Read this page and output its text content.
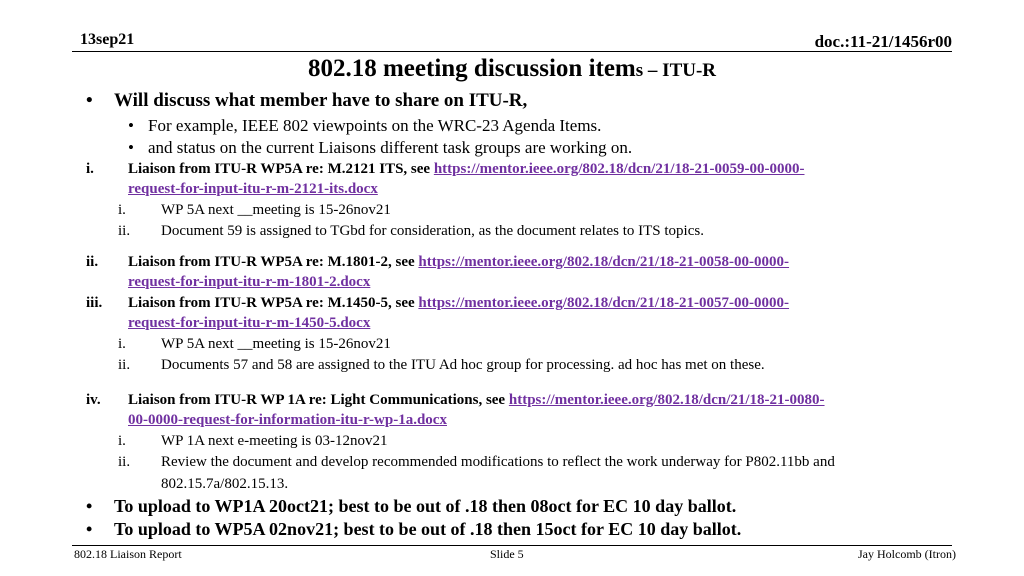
13sep21	doc.:11-21/1456r00
802.18 meeting discussion items – ITU-R
• Will discuss what member have to share on ITU-R,
• For example, IEEE 802 viewpoints on the WRC-23 Agenda Items.
• and status on the current Liaisons different task groups are working on.
i. Liaison from ITU-R WP5A re: M.2121 ITS, see https://mentor.ieee.org/802.18/dcn/21/18-21-0059-00-0000-
request-for-input-itu-r-m-2121-its.docx
i. WP 5A next __meeting is 15-26nov21
ii. Document 59 is assigned to TGbd for consideration, as the document relates to ITS topics.
ii. Liaison from ITU-R WP5A re: M.1801-2, see https://mentor.ieee.org/802.18/dcn/21/18-21-0058-00-0000-
request-for-input-itu-r-m-1801-2.docx
iii. Liaison from ITU-R WP5A re: M.1450-5, see https://mentor.ieee.org/802.18/dcn/21/18-21-0057-00-0000-
request-for-input-itu-r-m-1450-5.docx
i. WP 5A next __meeting is 15-26nov21
ii. Documents 57 and 58 are assigned to the ITU Ad hoc group for processing. ad hoc has met on these.
iv. Liaison from ITU-R WP 1A re: Light Communications, see https://mentor.ieee.org/802.18/dcn/21/18-21-0080-
00-0000-request-for-information-itu-r-wp-1a.docx
i. WP 1A next e-meeting is 03-12nov21
ii. Review the document and develop recommended modifications to reflect the work underway for P802.11bb and
802.15.7a/802.15.13.
• To upload to WP1A 20oct21; best to be out of .18 then 08oct for EC 10 day ballot.
• To upload to WP5A 02nov21; best to be out of .18 then 15oct for EC 10 day ballot.
802.18 Liaison Report	Slide 5	Jay Holcomb (Itron)
